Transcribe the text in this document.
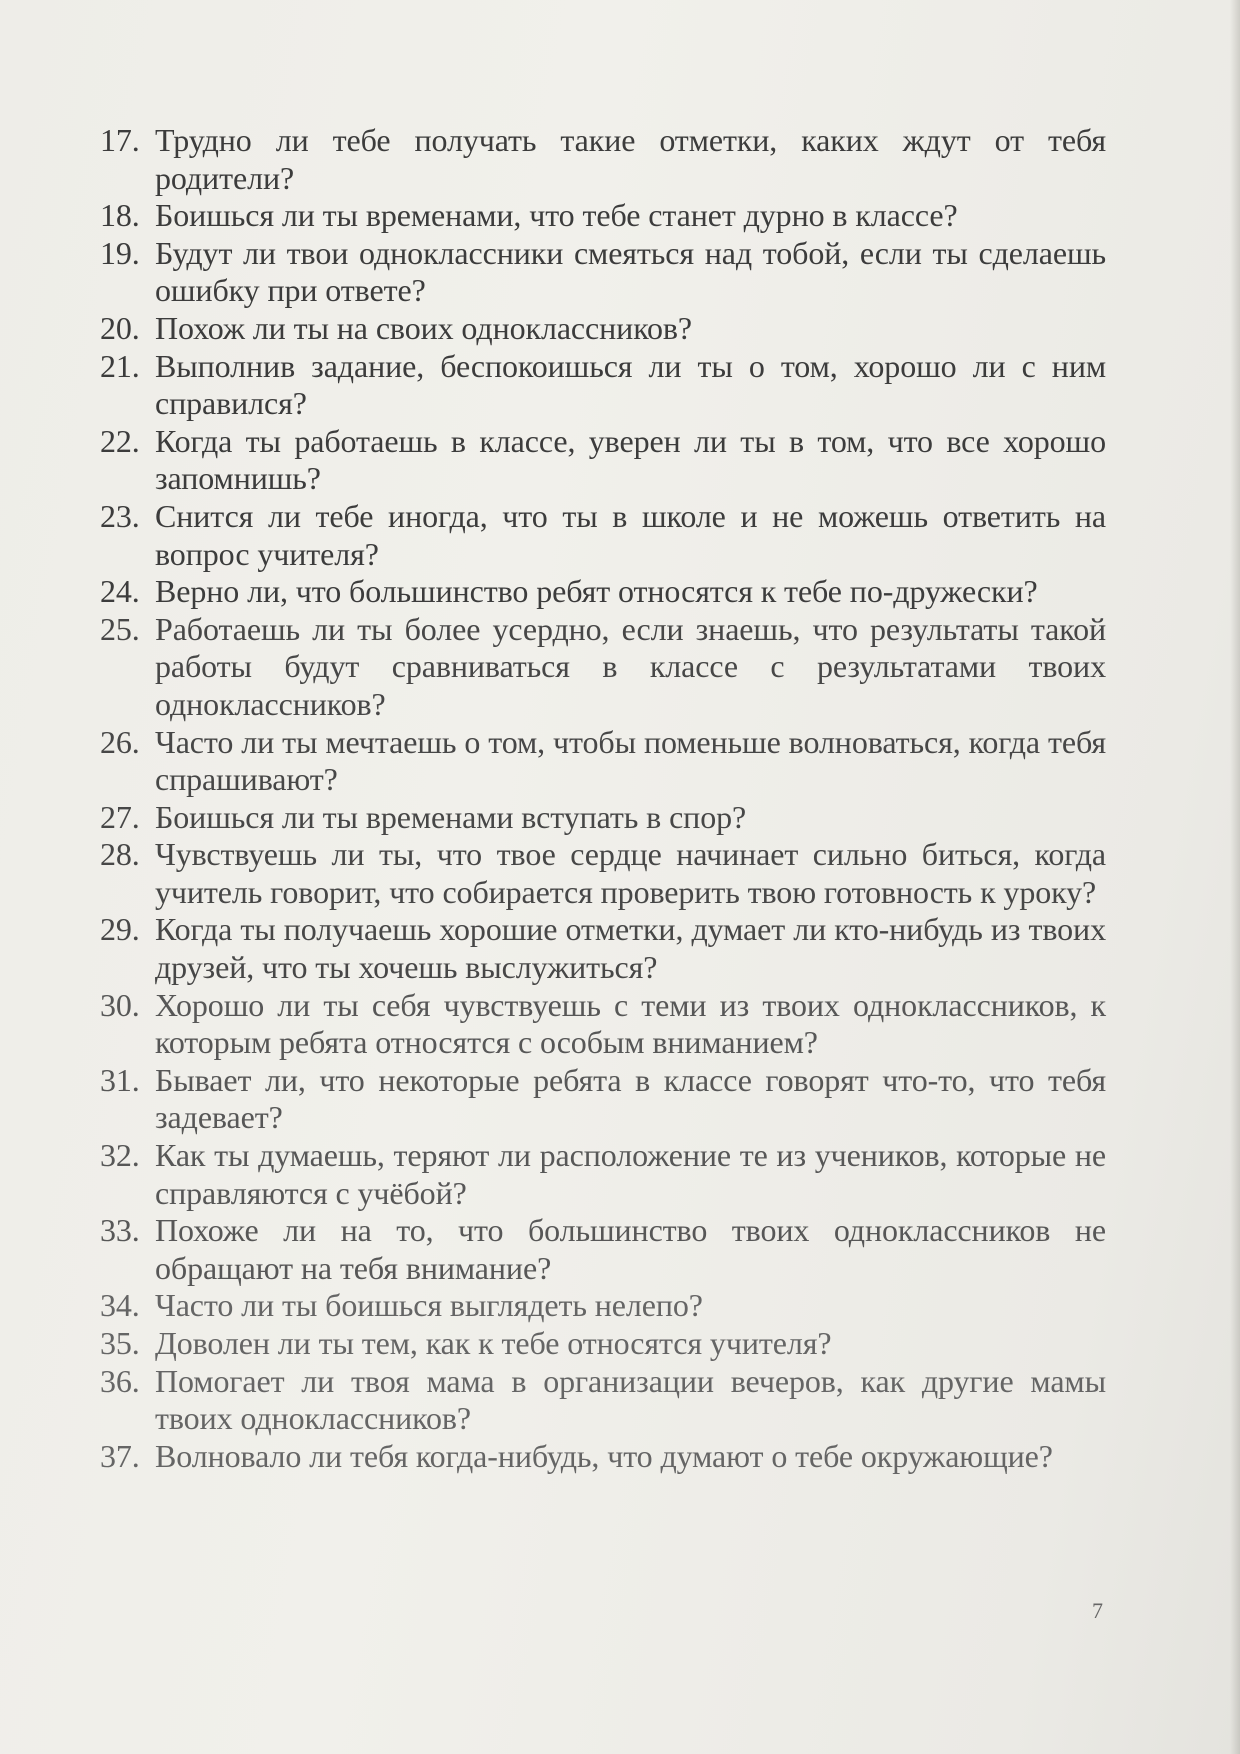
17. Трудно ли тебе получать такие отметки, каких ждут от тебя родители?
18. Боишься ли ты временами, что тебе станет дурно в классе?
19. Будут ли твои одноклассники смеяться над тобой, если ты сделаешь ошибку при ответе?
20. Похож ли ты на своих одноклассников?
21. Выполнив задание, беспокоишься ли ты о том, хорошо ли с ним справился?
22. Когда ты работаешь в классе, уверен ли ты в том, что все хорошо запомнишь?
23. Снится ли тебе иногда, что ты в школе и не можешь ответить на вопрос учителя?
24. Верно ли, что большинство ребят относятся к тебе по-дружески?
25. Работаешь ли ты более усердно, если знаешь, что результаты такой работы будут сравниваться в классе с результатами твоих одноклассников?
26. Часто ли ты мечтаешь о том, чтобы поменьше волноваться, когда тебя спрашивают?
27. Боишься ли ты временами вступать в спор?
28. Чувствуешь ли ты, что твое сердце начинает сильно биться, когда учитель говорит, что собирается проверить твою готовность к уроку?
29. Когда ты получаешь хорошие отметки, думает ли кто-нибудь из твоих друзей, что ты хочешь выслужиться?
30. Хорошо ли ты себя чувствуешь с теми из твоих одноклассников, к которым ребята относятся с особым вниманием?
31. Бывает ли, что некоторые ребята в классе говорят что-то, что тебя задевает?
32. Как ты думаешь, теряют ли расположение те из учеников, которые не справляются с учёбой?
33. Похоже ли на то, что большинство твоих одноклассников не обращают на тебя внимание?
34. Часто ли ты боишься выглядеть нелепо?
35. Доволен ли ты тем, как к тебе относятся учителя?
36. Помогает ли твоя мама в организации вечеров, как другие мамы твоих одноклассников?
37. Волновало ли тебя когда-нибудь, что думают о тебе окружающие?
7
